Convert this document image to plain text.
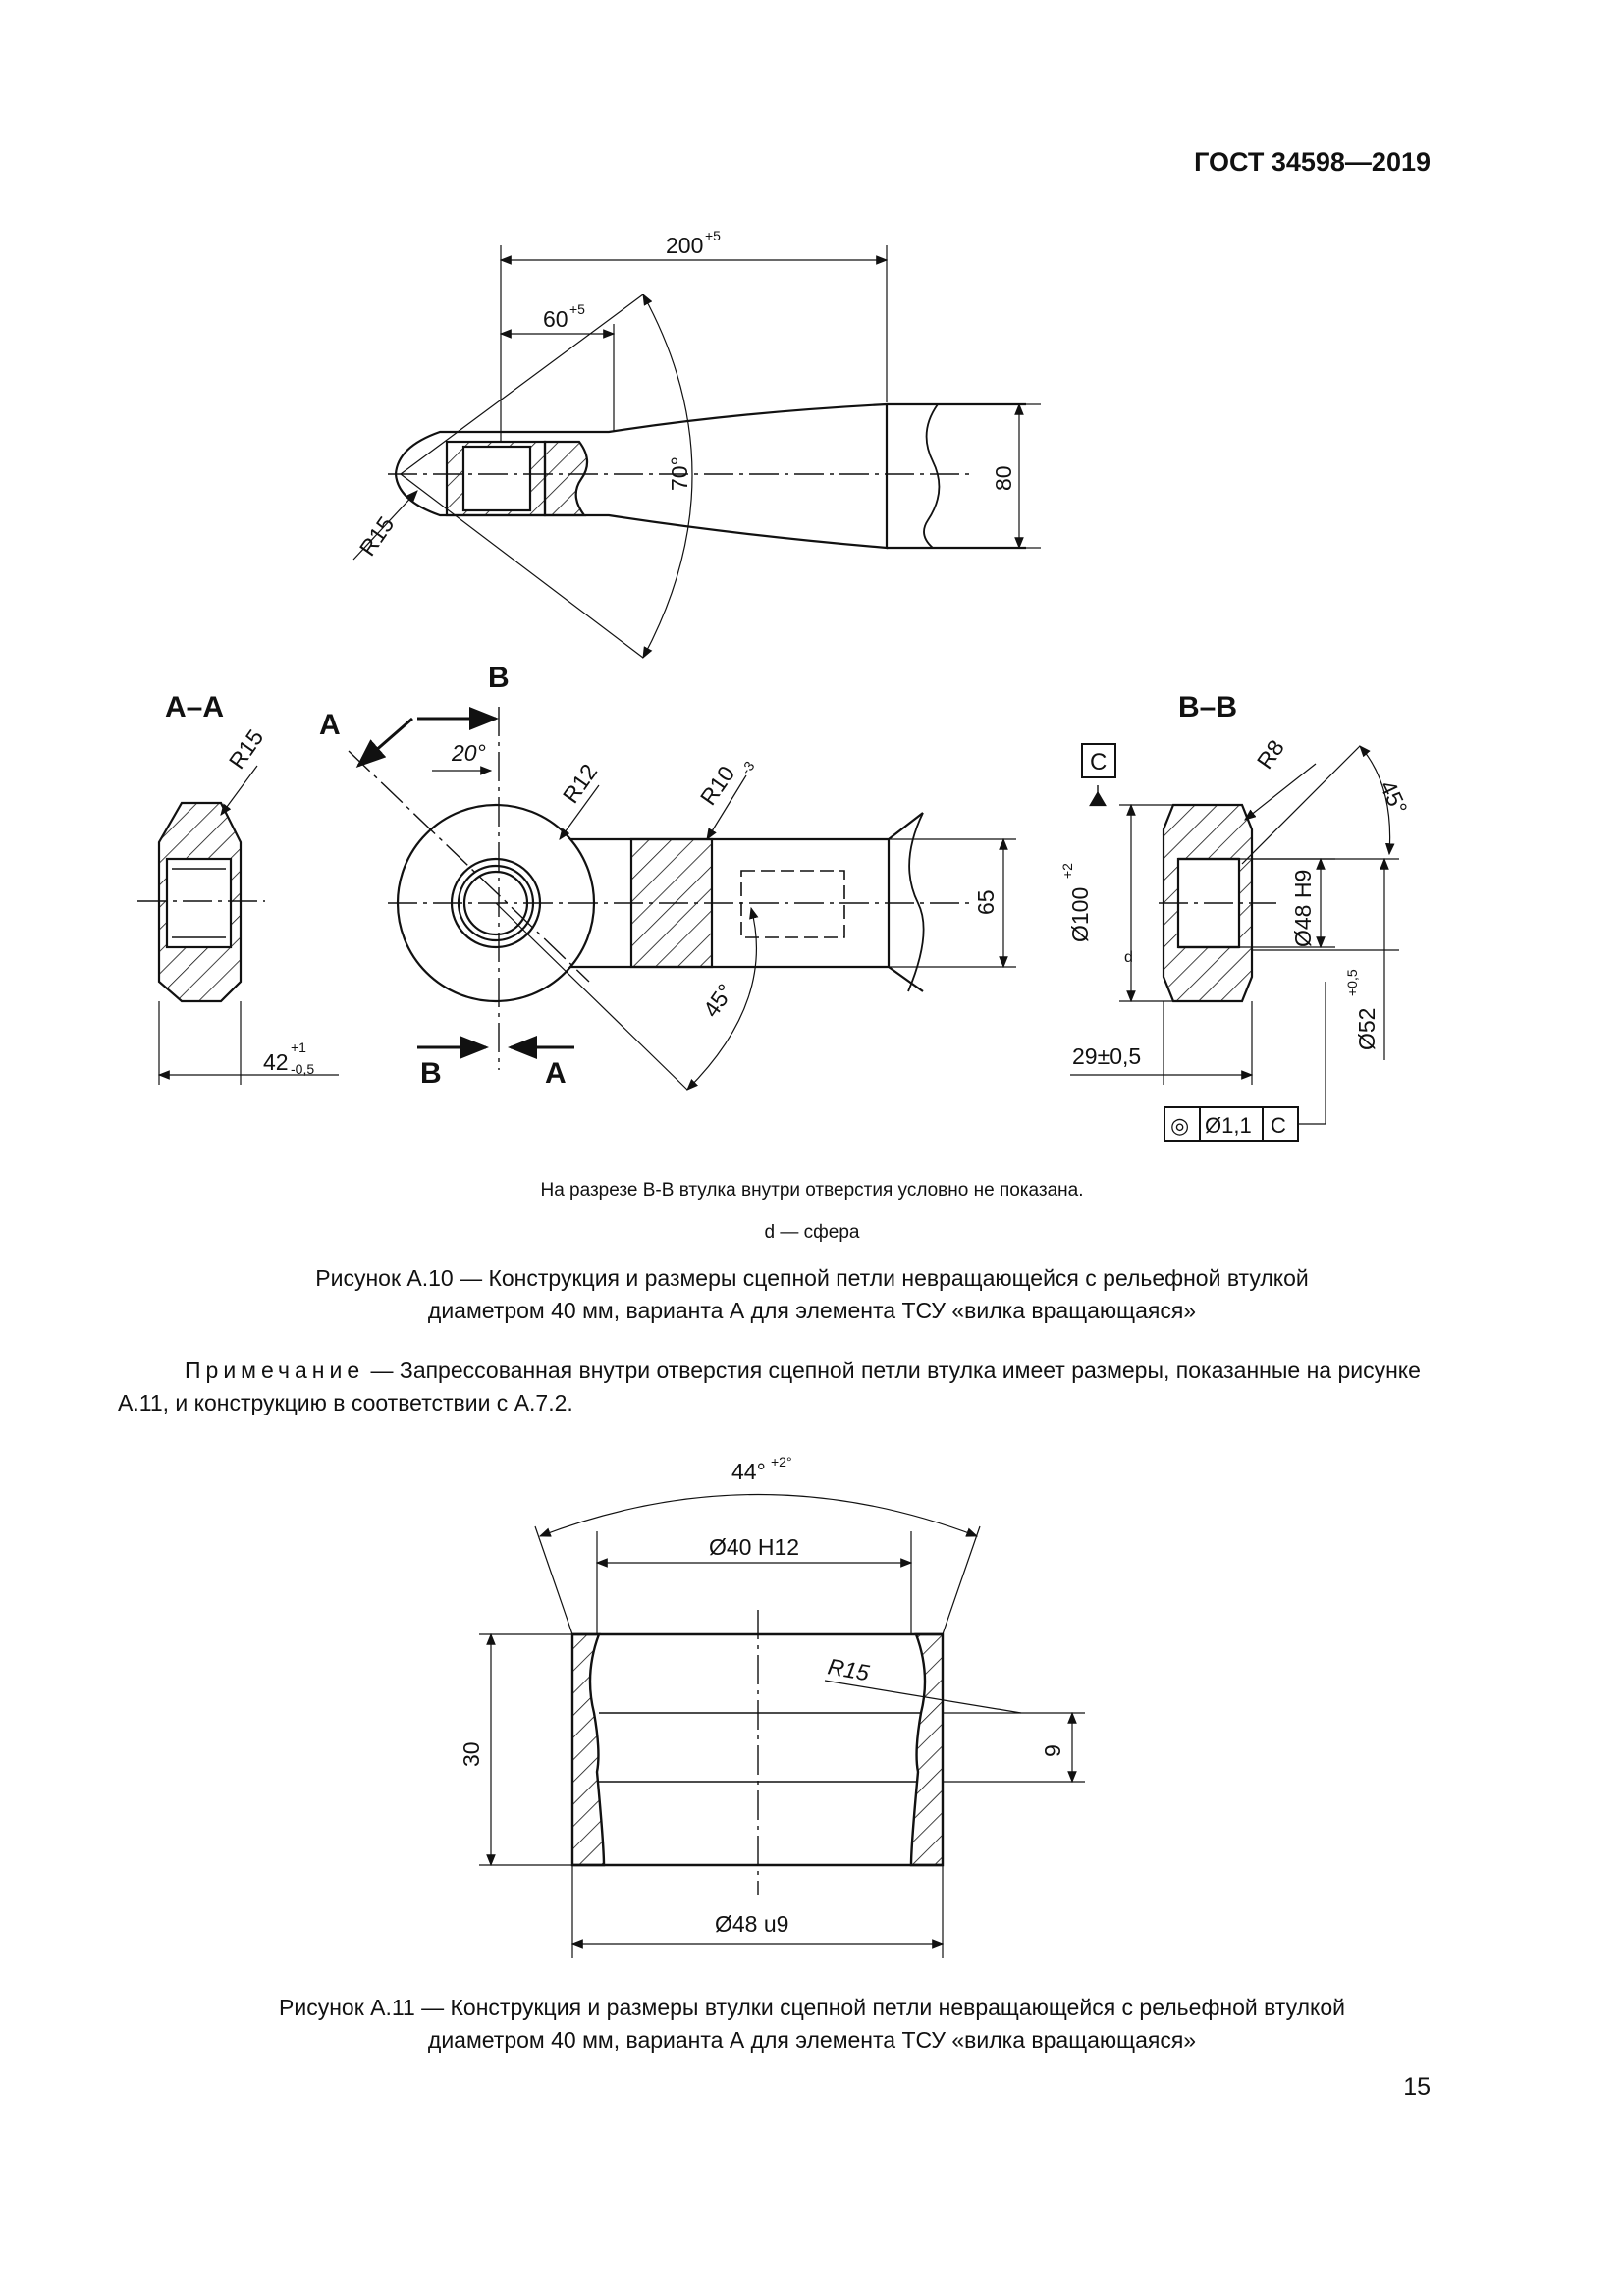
ГОСТ 34598—2019
200 +5
60 +5
70°	80
R15
А–А
R15
42
+1
-0,5
А
В
20°
R12	R10
-3
45°
65
В	А
В–В
С	R8
45°
Ø100
+2	Ø48 H9
Ø52
+0,5
d
29±0,5
◎ Ø1,1 С
На разрезе В-В втулка внутри отверстия условно не показана.
d — сфера
Рисунок А.10 — Конструкция и размеры сцепной петли невращающейся с рельефной втулкой
диаметром 40 мм, варианта А для элемента ТСУ «вилка вращающаяся»
Примечание — Запрессованная внутри отверстия сцепной петли втулка имеет размеры, показанные на рисунке А.11, и конструкцию в соответствии с А.7.2.
44° +2°
Ø40 H12
R15
30	9
Ø48 u9
Рисунок А.11 — Конструкция и размеры втулки сцепной петли невращающейся с рельефной втулкой
диаметром 40 мм, варианта А для элемента ТСУ «вилка вращающаяся»
15
